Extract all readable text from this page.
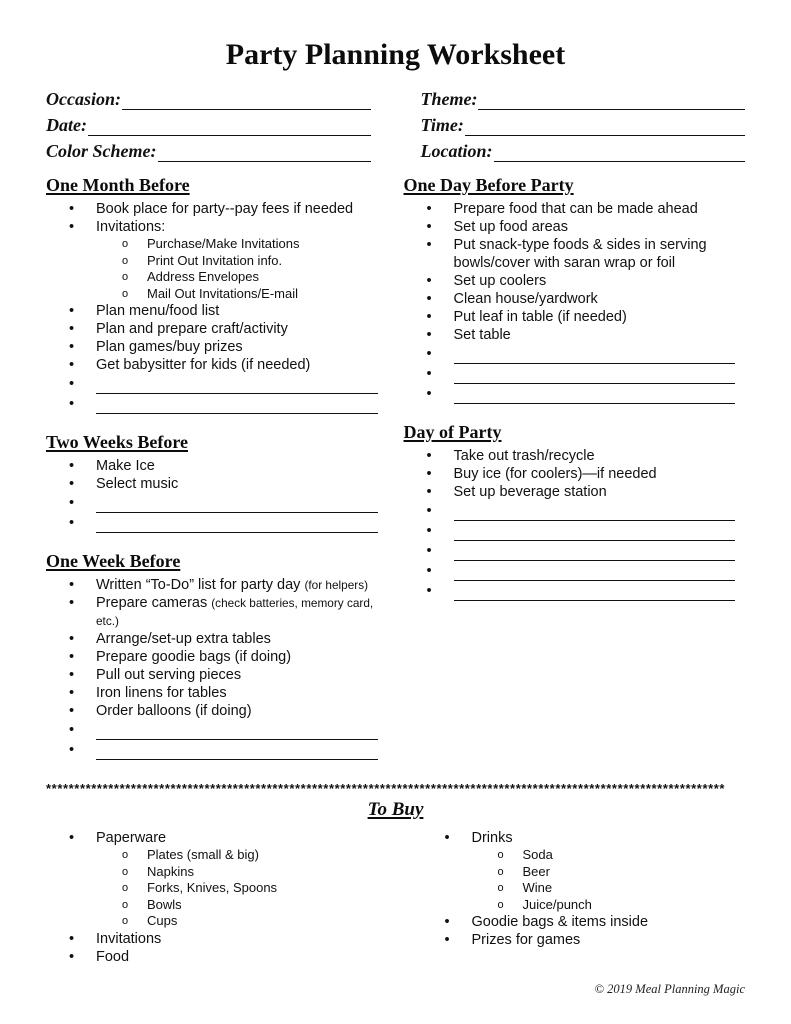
Party Planning Worksheet
Occasion:
Date:
Color Scheme:
Theme:
Time:
Location:
One Month Before
• Book place for party--pay fees if needed
• Invitations:
o Purchase/Make Invitations
o Print Out Invitation info.
o Address Envelopes
o Mail Out Invitations/E-mail
• Plan menu/food list
• Plan and prepare craft/activity
• Plan games/buy prizes
• Get babysitter for kids (if needed)
•
•
Two Weeks Before
• Make Ice
• Select music
•
•
One Week Before
• Written “To-Do” list for party day (for helpers)
• Prepare cameras (check batteries, memory card, etc.)
• Arrange/set-up extra tables
• Prepare goodie bags (if doing)
• Pull out serving pieces
• Iron linens for tables
• Order balloons (if doing)
•
•
One Day Before Party
• Prepare food that can be made ahead
• Set up food areas
• Put snack-type foods & sides in serving bowls/cover with saran wrap or foil
• Set up coolers
• Clean house/yardwork
• Put leaf in table (if needed)
• Set table
•
•
•
Day of Party
• Take out trash/recycle
• Buy ice (for coolers)—if needed
• Set up beverage station
•
•
•
•
•
************************************************************************************************************************
To Buy
• Paperware
o Plates (small & big)
o Napkins
o Forks, Knives, Spoons
o Bowls
o Cups
• Invitations
• Food
• Drinks
o Soda
o Beer
o Wine
o Juice/punch
• Goodie bags & items inside
• Prizes for games
© 2019 Meal Planning Magic
